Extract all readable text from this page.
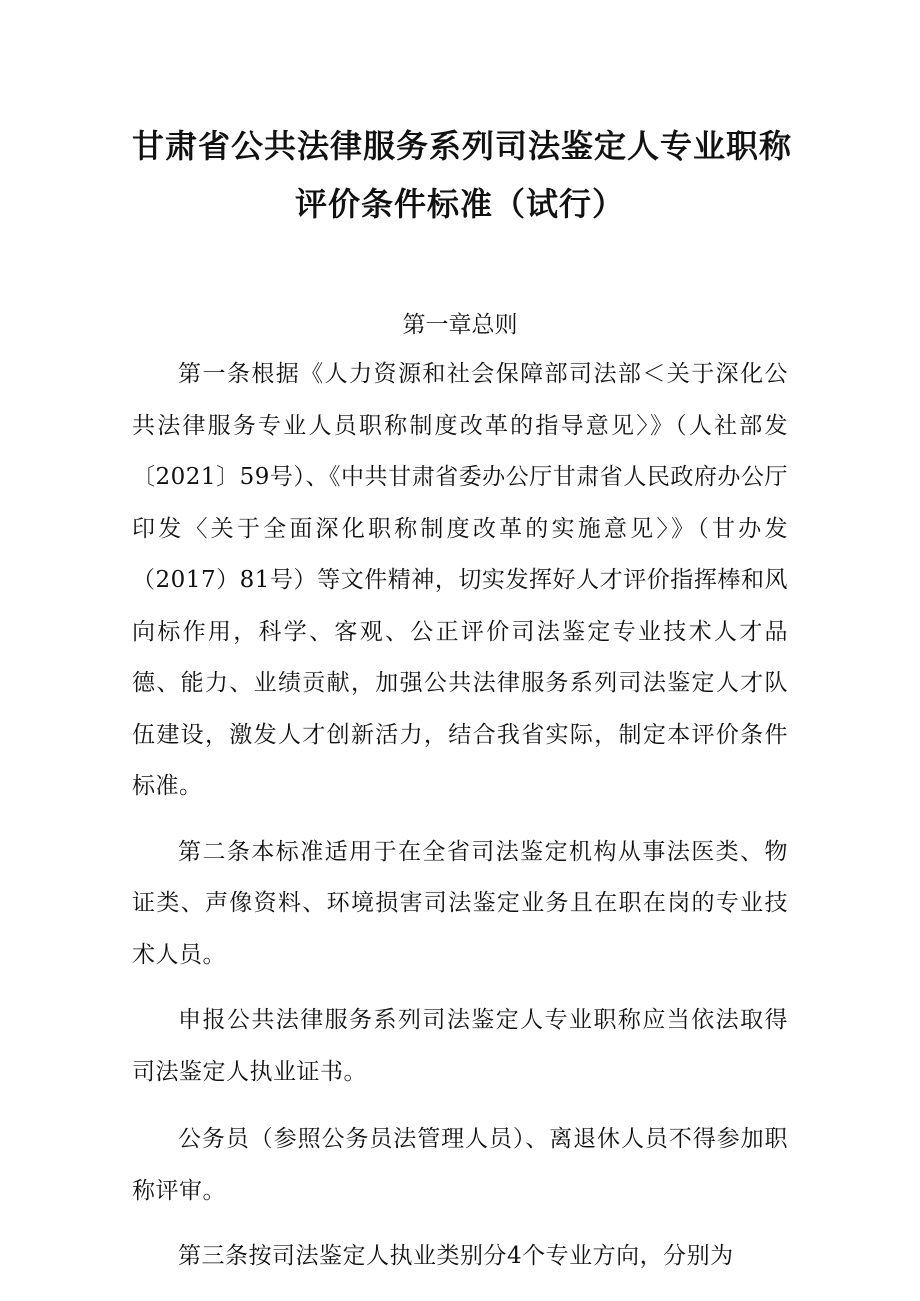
甘肃省公共法律服务系列司法鉴定人专业职称
评价条件标准（试行）
第一章总则

第一条根据《人力资源和社会保障部司法部＜关于深化公共法律服务专业人员职称制度改革的指导意见〉》（人社部发〔2021〕59号）、《中共甘肃省委办公厅甘肃省人民政府办公厅印发〈关于全面深化职称制度改革的实施意见〉》（甘办发（2017）81号）等文件精神，切实发挥好人才评价指挥棒和风向标作用，科学、客观、公正评价司法鉴定专业技术人才品德、能力、业绩贡献，加强公共法律服务系列司法鉴定人才队伍建设，激发人才创新活力，结合我省实际，制定本评价条件标准。

第二条本标准适用于在全省司法鉴定机构从事法医类、物证类、声像资料、环境损害司法鉴定业务且在职在岗的专业技术人员。

申报公共法律服务系列司法鉴定人专业职称应当依法取得司法鉴定人执业证书。

公务员（参照公务员法管理人员）、离退休人员不得参加职称评审。

第三条按司法鉴定人执业类别分4个专业方向，分别为
